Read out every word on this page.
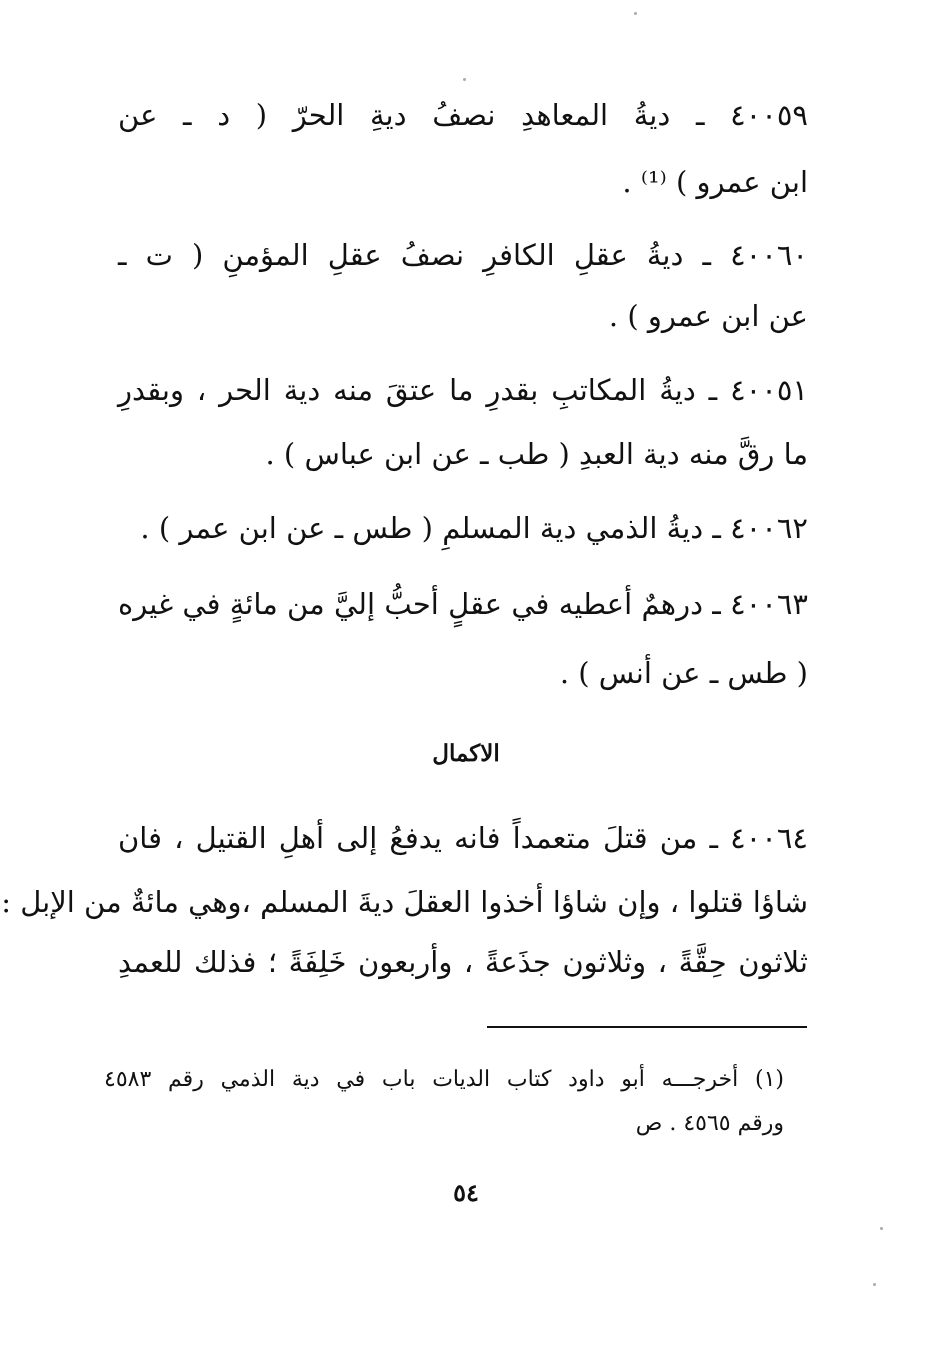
٤٠٠٥٩ ـ ديةُ المعاهدِ نصفُ ديةِ الحرّ ( د ـ عن
ابن عمرو ) ⁽¹⁾ .
٤٠٠٦٠ ـ ديةُ عقلِ الكافرِ نصفُ عقلِ المؤمنِ ( ت ـ
عن ابن عمرو ) .
٤٠٠٥١ ـ ديةُ المكاتبِ بقدرِ ما عتقَ منه دية الحر ، وبقدرِ
ما رقَّ منه دية العبدِ ( طب ـ عن ابن عباس ) .
٤٠٠٦٢ ـ ديةُ الذمي دية المسلمِ ( طس ـ عن ابن عمر ) .
٤٠٠٦٣ ـ درهمٌ أعطيه في عقلٍ أحبُّ إليَّ من مائةٍ في غيره
( طس ـ عن أنس ) .
الاكمال
٤٠٠٦٤ ـ من قتلَ متعمداً فانه يدفعُ إلى أهلِ القتيل ، فان
شاؤا قتلوا ، وإن شاؤا أخذوا العقلَ ديةَ المسلم ،وهي مائةٌ من الإبل :
ثلاثون حِقَّةً ، وثلاثون جذَعةً ، وأربعون خَلِفَةً ؛ فذلك للعمدِ
(١) أخرجـــه أبو داود كتاب الديات باب في دية الذمي رقم ٤٥٨٣
ورقم ٤٥٦٥ . ص
٥٤
